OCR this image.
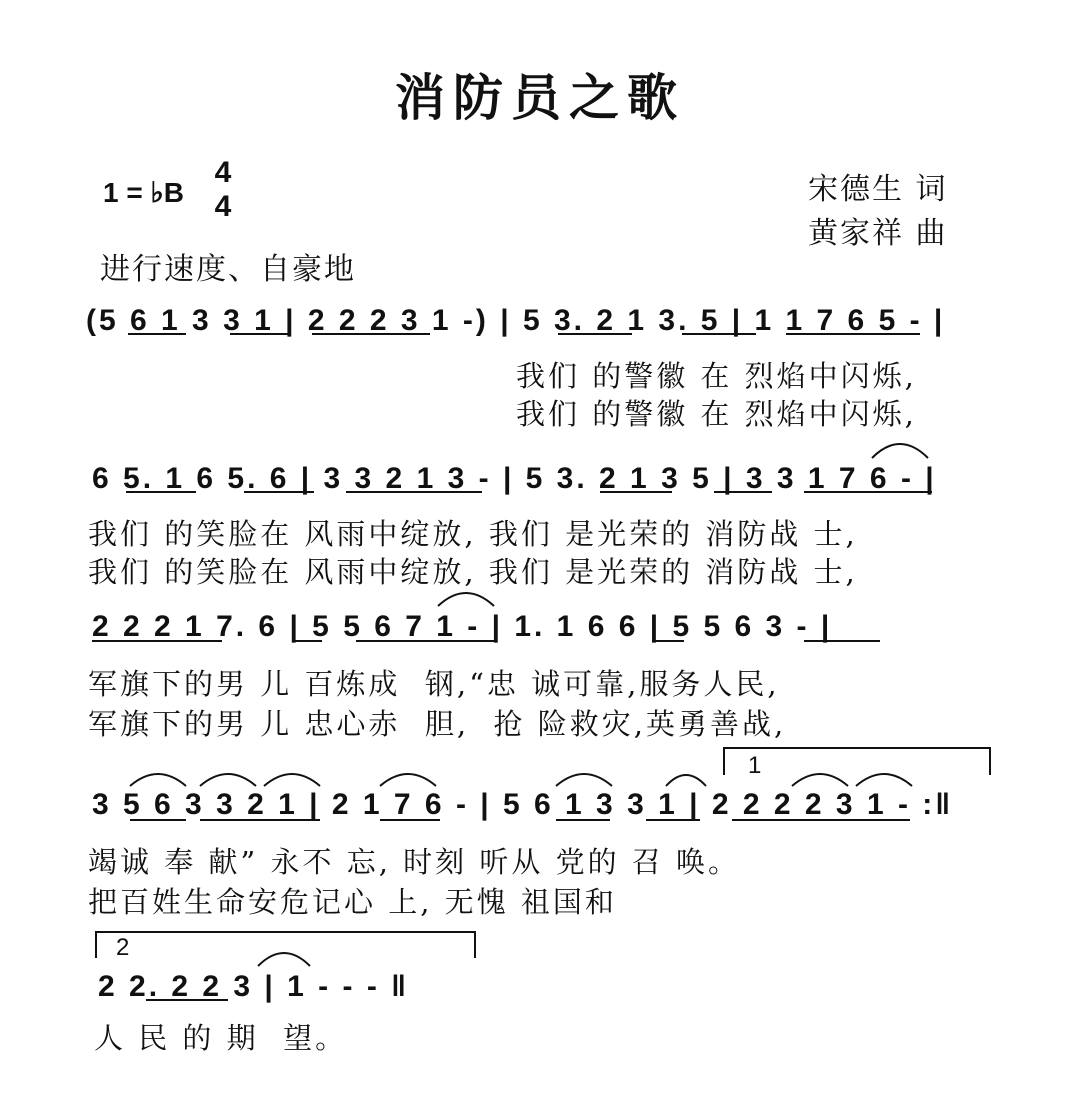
消防员之歌
1 = ♭B
4
4	宋德生 词
黄家祥 曲
进行速度、自豪地
(5 6 1 3 3 1 | 2 2 2 3 1 -) | 5 3. 2 1 3. 5 | 1 1 7 6 5 - |
我们 的警徽 在 烈焰中闪烁,
我们 的警徽 在 烈焰中闪烁,
6 5. 1 6 5. 6 | 3 3 2 1 3 - | 5 3. 2 1 3 5 | 3 3 1 7 6 - |
我们 的笑脸在 风雨中绽放, 我们 是光荣的 消防战 士,
我们 的笑脸在 风雨中绽放, 我们 是光荣的 消防战 士,
2 2 2 1 7. 6 | 5 5 6 7 1 - | 1. 1 6 6 | 5 5 6 3 - |
军旗下的男 儿 百炼成  钢,“忠 诚可靠,服务人民,
军旗下的男 儿 忠心赤  胆,  抢 险救灾,英勇善战,
1
3 5 6 3 3 2 1 | 2 1 7 6 - | 5 6 1 3 3 1 | 2 2 2 2 3 1 - :‖
竭诚 奉 献” 永不 忘, 时刻 听从 党的 召 唤。
把百姓生命安危记心 上, 无愧 祖国和
2
2 2. 2 2 3 | 1 - - - ‖
人 民 的 期  望。
